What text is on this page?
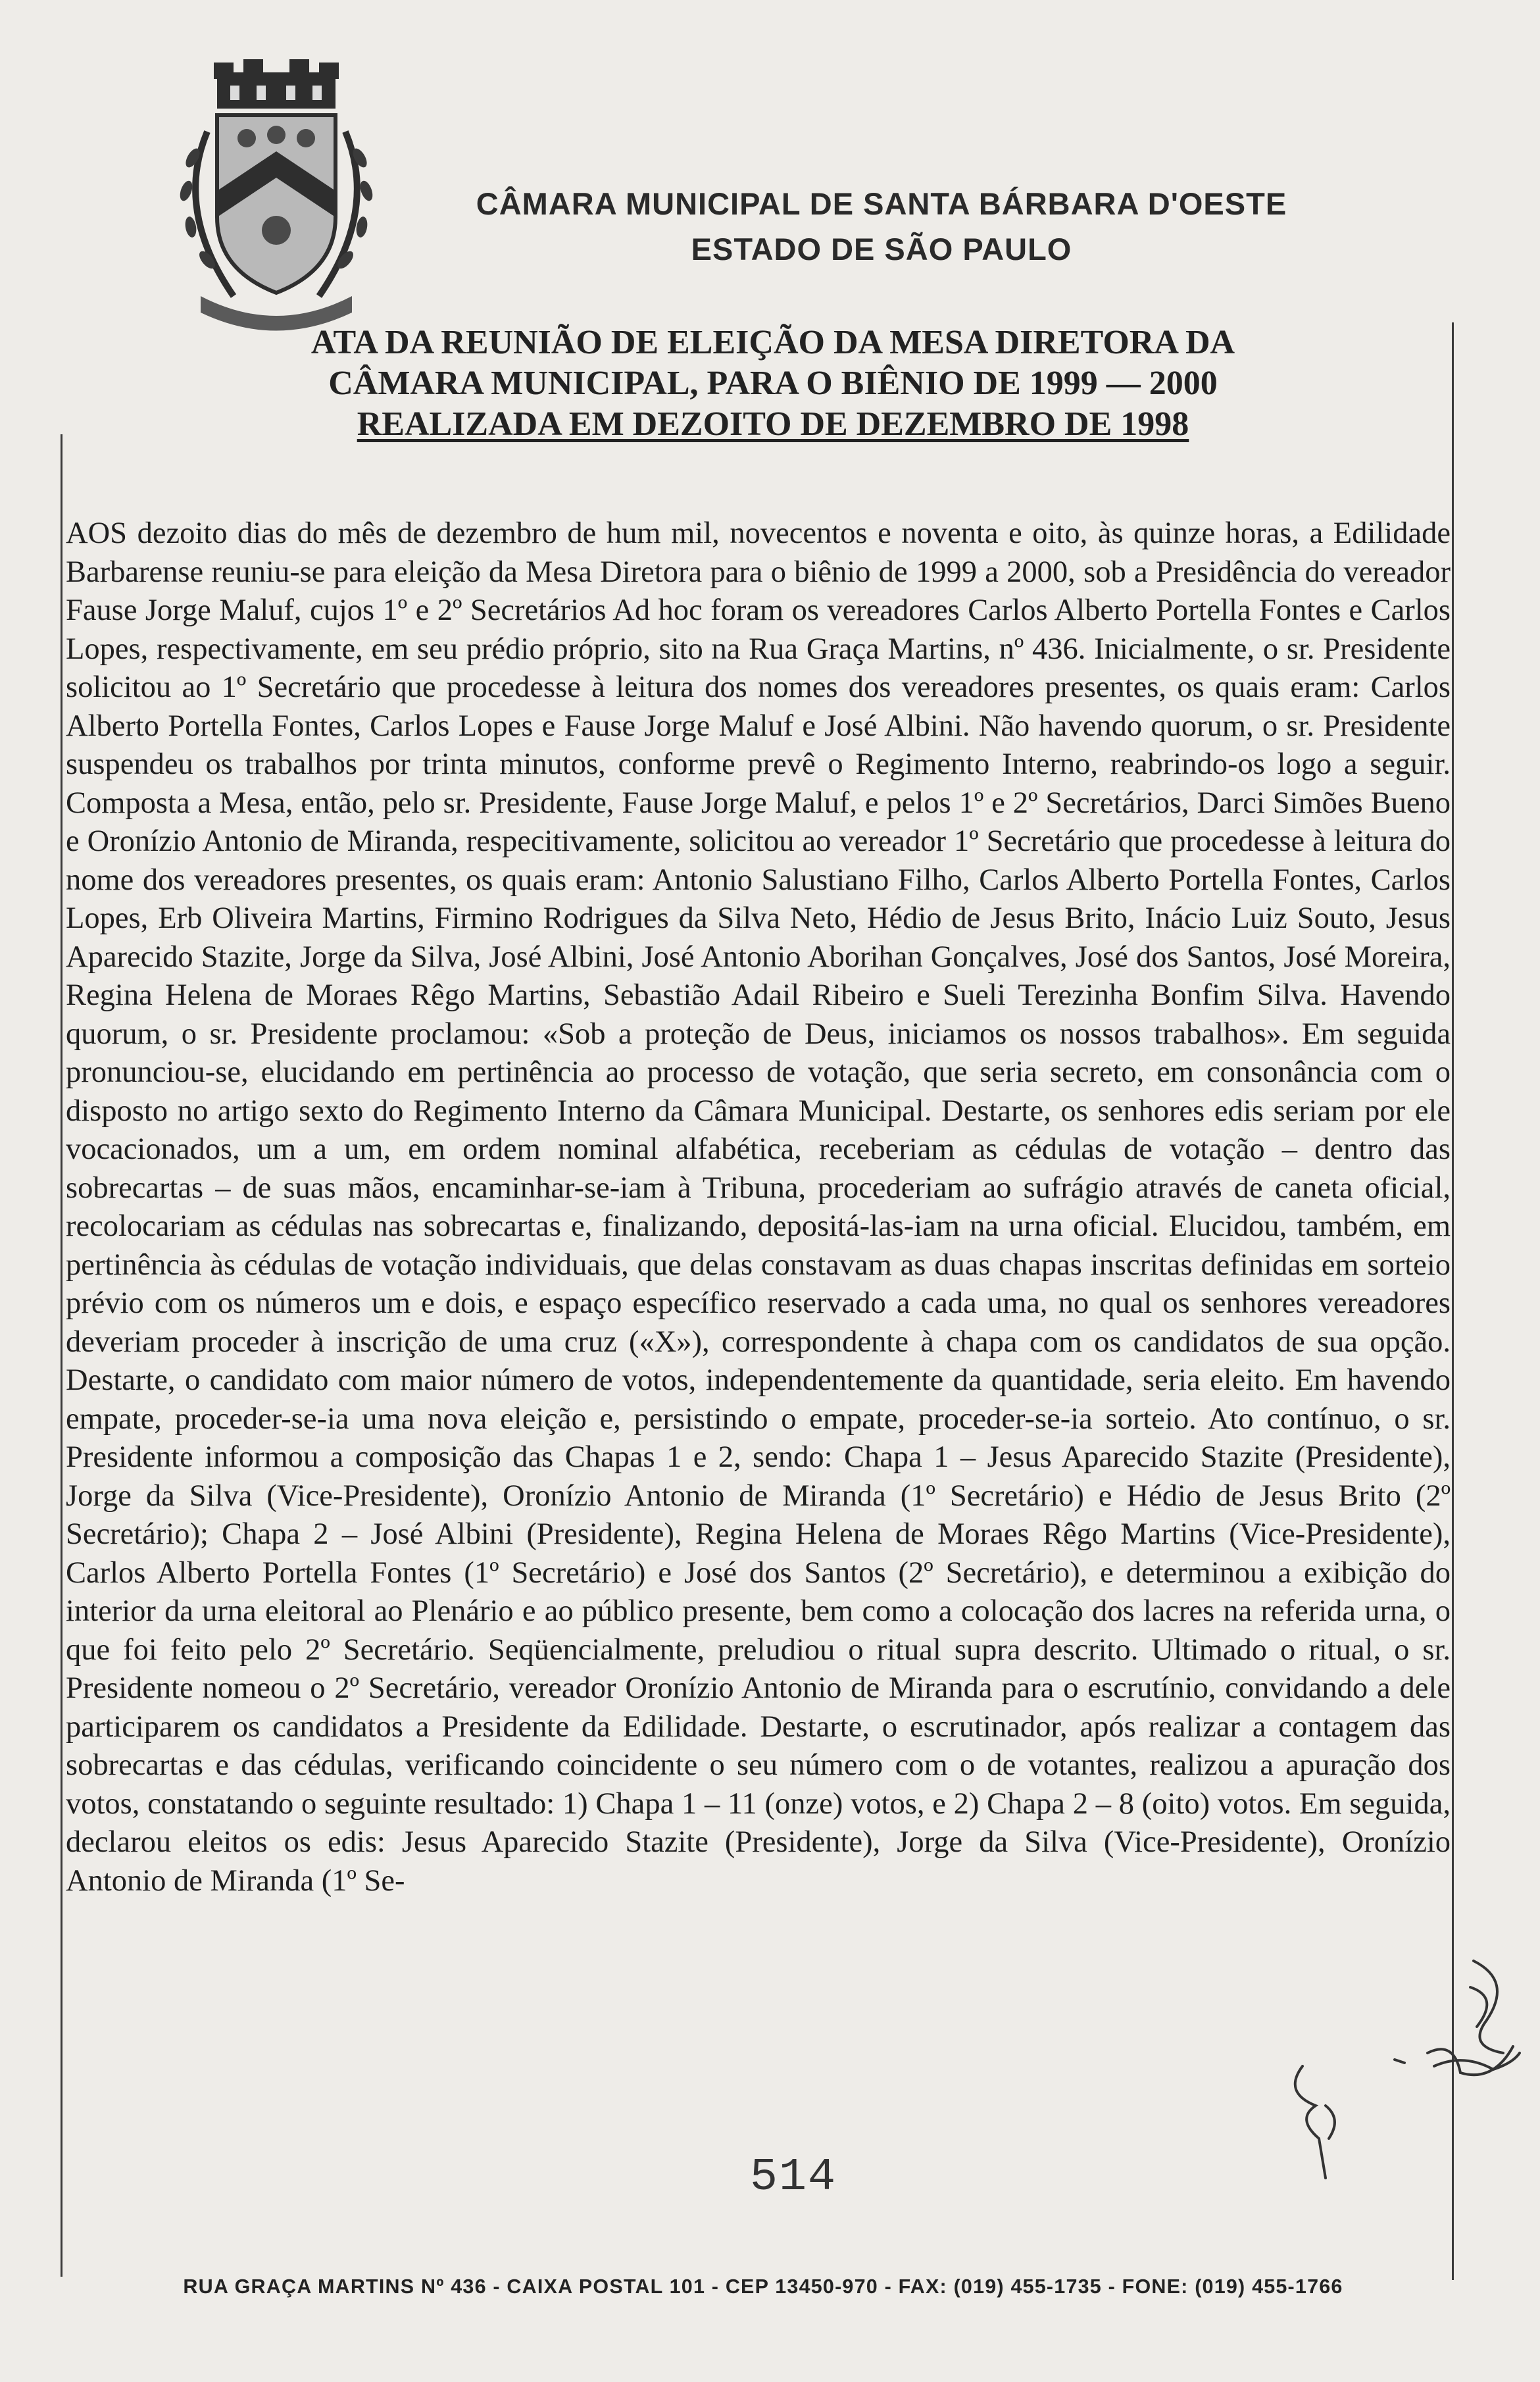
CÂMARA MUNICIPAL DE SANTA BÁRBARA D'OESTE
ESTADO DE SÃO PAULO
ATA DA REUNIÃO DE ELEIÇÃO DA MESA DIRETORA DA
CÂMARA MUNICIPAL, PARA O BIÊNIO DE 1999 — 2000
REALIZADA EM DEZOITO DE DEZEMBRO DE 1998
AOS dezoito dias do mês de dezembro de hum mil, novecentos e noventa e oito, às quinze horas, a Edilidade Barbarense reuniu-se para eleição da Mesa Diretora para o biênio de 1999 a 2000, sob a Presidência do vereador Fause Jorge Maluf, cujos 1º e 2º Secretários Ad hoc foram os vereadores Carlos Alberto Portella Fontes e Carlos Lopes, respectivamente, em seu prédio próprio, sito na Rua Graça Martins, nº 436. Inicialmente, o sr. Presidente solicitou ao 1º Secretário que procedesse à leitura dos nomes dos vereadores presentes, os quais eram: Carlos Alberto Portella Fontes, Carlos Lopes e Fause Jorge Maluf e José Albini. Não havendo quorum, o sr. Presidente suspendeu os trabalhos por trinta minutos, conforme prevê o Regimento Interno, reabrindo-os logo a seguir. Composta a Mesa, então, pelo sr. Presidente, Fause Jorge Maluf, e pelos 1º e 2º Secretários, Darci Simões Bueno e Oronízio Antonio de Miranda, respecitivamente, solicitou ao vereador 1º Secretário que procedesse à leitura do nome dos vereadores presentes, os quais eram: Antonio Salustiano Filho, Carlos Alberto Portella Fontes, Carlos Lopes, Erb Oliveira Martins, Firmino Rodrigues da Silva Neto, Hédio de Jesus Brito, Inácio Luiz Souto, Jesus Aparecido Stazite, Jorge da Silva, José Albini, José Antonio Aborihan Gonçalves, José dos Santos, José Moreira, Regina Helena de Moraes Rêgo Martins, Sebastião Adail Ribeiro e Sueli Terezinha Bonfim Silva. Havendo quorum, o sr. Presidente proclamou: «Sob a proteção de Deus, iniciamos os nossos trabalhos». Em seguida pronunciou-se, elucidando em pertinência ao processo de votação, que seria secreto, em consonância com o disposto no artigo sexto do Regimento Interno da Câmara Municipal. Destarte, os senhores edis seriam por ele vocacionados, um a um, em ordem nominal alfabética, receberiam as cédulas de votação – dentro das sobrecartas – de suas mãos, encaminhar-se-iam à Tribuna, procederiam ao sufrágio através de caneta oficial, recolocariam as cédulas nas sobrecartas e, finalizando, depositá-las-iam na urna oficial. Elucidou, também, em pertinência às cédulas de votação individuais, que delas constavam as duas chapas inscritas definidas em sorteio prévio com os números um e dois, e espaço específico reservado a cada uma, no qual os senhores vereadores deveriam proceder à inscrição de uma cruz («X»), correspondente à chapa com os candidatos de sua opção. Destarte, o candidato com maior número de votos, independentemente da quantidade, seria eleito. Em havendo empate, proceder-se-ia uma nova eleição e, persistindo o empate, proceder-se-ia sorteio. Ato contínuo, o sr. Presidente informou a composição das Chapas 1 e 2, sendo: Chapa 1 – Jesus Aparecido Stazite (Presidente), Jorge da Silva (Vice-Presidente), Oronízio Antonio de Miranda (1º Secretário) e Hédio de Jesus Brito (2º Secretário); Chapa 2 – José Albini (Presidente), Regina Helena de Moraes Rêgo Martins (Vice-Presidente), Carlos Alberto Portella Fontes (1º Secretário) e José dos Santos (2º Secretário), e determinou a exibição do interior da urna eleitoral ao Plenário e ao público presente, bem como a colocação dos lacres na referida urna, o que foi feito pelo 2º Secretário. Seqüencialmente, preludiou o ritual supra descrito. Ultimado o ritual, o sr. Presidente nomeou o 2º Secretário, vereador Oronízio Antonio de Miranda para o escrutínio, convidando a dele participarem os candidatos a Presidente da Edilidade. Destarte, o escrutinador, após realizar a contagem das sobrecartas e das cédulas, verificando coincidente o seu número com o de votantes, realizou a apuração dos votos, constatando o seguinte resultado: 1) Chapa 1 – 11 (onze) votos, e 2) Chapa 2 – 8 (oito) votos. Em seguida, declarou eleitos os edis: Jesus Aparecido Stazite (Presidente), Jorge da Silva (Vice-Presidente), Oronízio Antonio de Miranda (1º Se-
514
RUA GRAÇA MARTINS Nº 436 - CAIXA POSTAL 101 - CEP 13450-970 - FAX: (019) 455-1735 - FONE: (019) 455-1766
